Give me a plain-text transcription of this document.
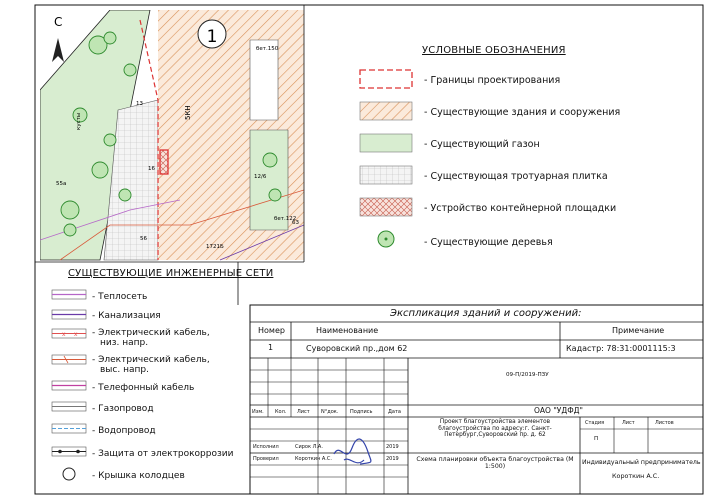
1
С
5КН
бет.150
12/6
63
1721Б
кусты
55а
13
16
бет.122
56
УСЛОВНЫЕ ОБОЗНАЧЕНИЯ
- Границы проектирования
- Существующие здания и сооружения
- Существующий газон
- Существующая тротуарная плитка
- Устройство контейнерной площадки
- Существующие деревья
СУЩЕСТВУЮЩИЕ ИНЖЕНЕРНЫЕ СЕТИ
x x
- Теплосеть
- Канализация
- Электрический кабель,
низ. напр.
- Электрический кабель,
выс. напр.
- Телефонный кабель
- Газопровод
- Водопровод
- Защита от электрокоррозии
- Крышка колодцев
Экспликация зданий и сооружений:
Номер	Наименование	Примечание
1	Суворовский пр.,дом 62	Кадастр: 78:31:0001115:3
09-П/2019-ПЗУ
ОАО "УДФД"
Изм. Кол. Лист N°док. Подпись	Дата
Проект благоустройства элементов благоустройства по адресу:г. Санкт-Петербург,Суворовский пр. д. 62
Стадия	Лист	Листов
П
Исполнил	Сирок Л.А.	2019
Проверил	Короткин А.С.	2019	Схема планировки объекта благоустройства (М 1:500)
Индивидуальный предприниматель
Короткин А.С.
